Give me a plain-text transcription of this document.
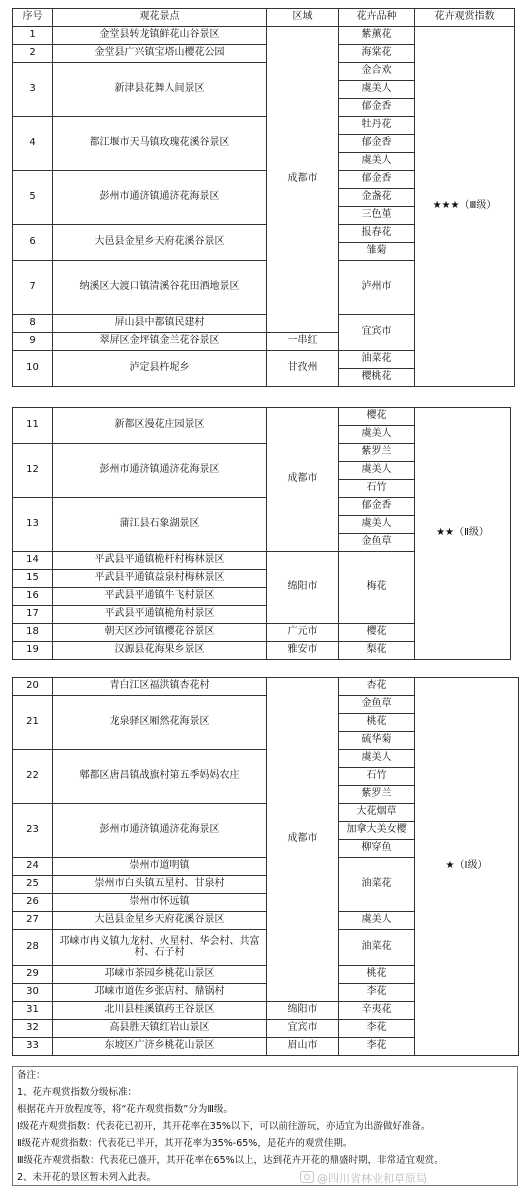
序号	观花景点	区域	花卉品种	花卉观赏指数	
1	金堂县转龙镇鲜花山谷景区	成都市	紫薰花	★★★（Ⅲ级）	
2	金堂县广兴镇宝塔山樱花公园		海棠花		
3	新津县花舞人间景区		金合欢		
			虞美人		
			郁金香		
4	都江堰市天马镇玫瑰花溪谷景区		牡丹花		
			郁金香		
			虞美人		
5	彭州市通济镇通济花海景区		郁金香		
			金盏花		
			三色堇		
6	大邑县金星乡天府花溪谷景区		报春花		
			雏菊		
7	纳溪区大渡口镇清溪谷花田酒地景区		泸州市	

8	屏山县中都镇民建村		宜宾市	
9	翠屏区金坪镇金兰花谷景区	一串红			
10	泸定县杵坭乡	甘孜州	油菜花		
			樱桃花		
11	新都区漫花庄园景区	成都市	樱花	★★（Ⅱ级）
			虞美人	
12	彭州市通济镇通济花海景区		紫罗兰	
			虞美人	
			石竹	
13	蒲江县石象湖景区		郁金香	
			虞美人	
			金鱼草	
14	平武县平通镇桅杆村梅林景区	绵阳市	梅花	
15	平武县平通镇益泉村梅林景区			
16	平武县平通镇牛飞村景区			
17	平武县平通镇桅角村景区			
18	朝天区沙河镇樱花谷景区	广元市	樱花	
19	汉源县花海果乡景区	雅安市	梨花	
20	青白江区福洪镇杏花村	成都市	杏花	★（Ⅰ级）
21	龙泉驿区厢然花海景区		金鱼草	
			桃花	
			硫华菊	
22	郫都区唐昌镇战旗村第五季妈妈农庄		虞美人	
			石竹	
			紫罗兰	
23	彭州市通济镇通济花海景区		大花烟草	
			加拿大美女樱	
			柳穿鱼	
24	崇州市道明镇		油菜花	
25	崇州市白头镇五星村、甘泉村			
26	崇州市怀远镇			
27	大邑县金星乡天府花溪谷景区		虞美人	
28	邛崃市冉义镇九龙村、火星村、华会村、共富村、石子村		油菜花	

29	邛崃市茶园乡桃花山景区		桃花	
30	邛崃市道佐乡张店村、鼎锅村		李花	
31	北川县桂溪镇药王谷景区	绵阳市	辛夷花	
32	高县胜天镇红岩山景区	宜宾市	李花	
33	东坡区广济乡桃花山景区	眉山市	李花	
备注：
1、花卉观赏指数分级标准：
根据花卉开放程度等，将“花卉观赏指数”分为Ⅲ级。
Ⅰ级花卉观赏指数：代表花已初开，其开花率在35%以下，可以前往游玩，亦适宜为出游做好准备。
Ⅱ级花卉观赏指数：代表花已半开，其开花率为35%-65%，是花卉的观赏佳期。
Ⅲ级花卉观赏指数：代表花已盛开，其开花率在65%以上，达到花卉开花的鼎盛时期，非常适宜观赏。
2、未开花的景区暂未列入此表。	@四川省林业和草原局
